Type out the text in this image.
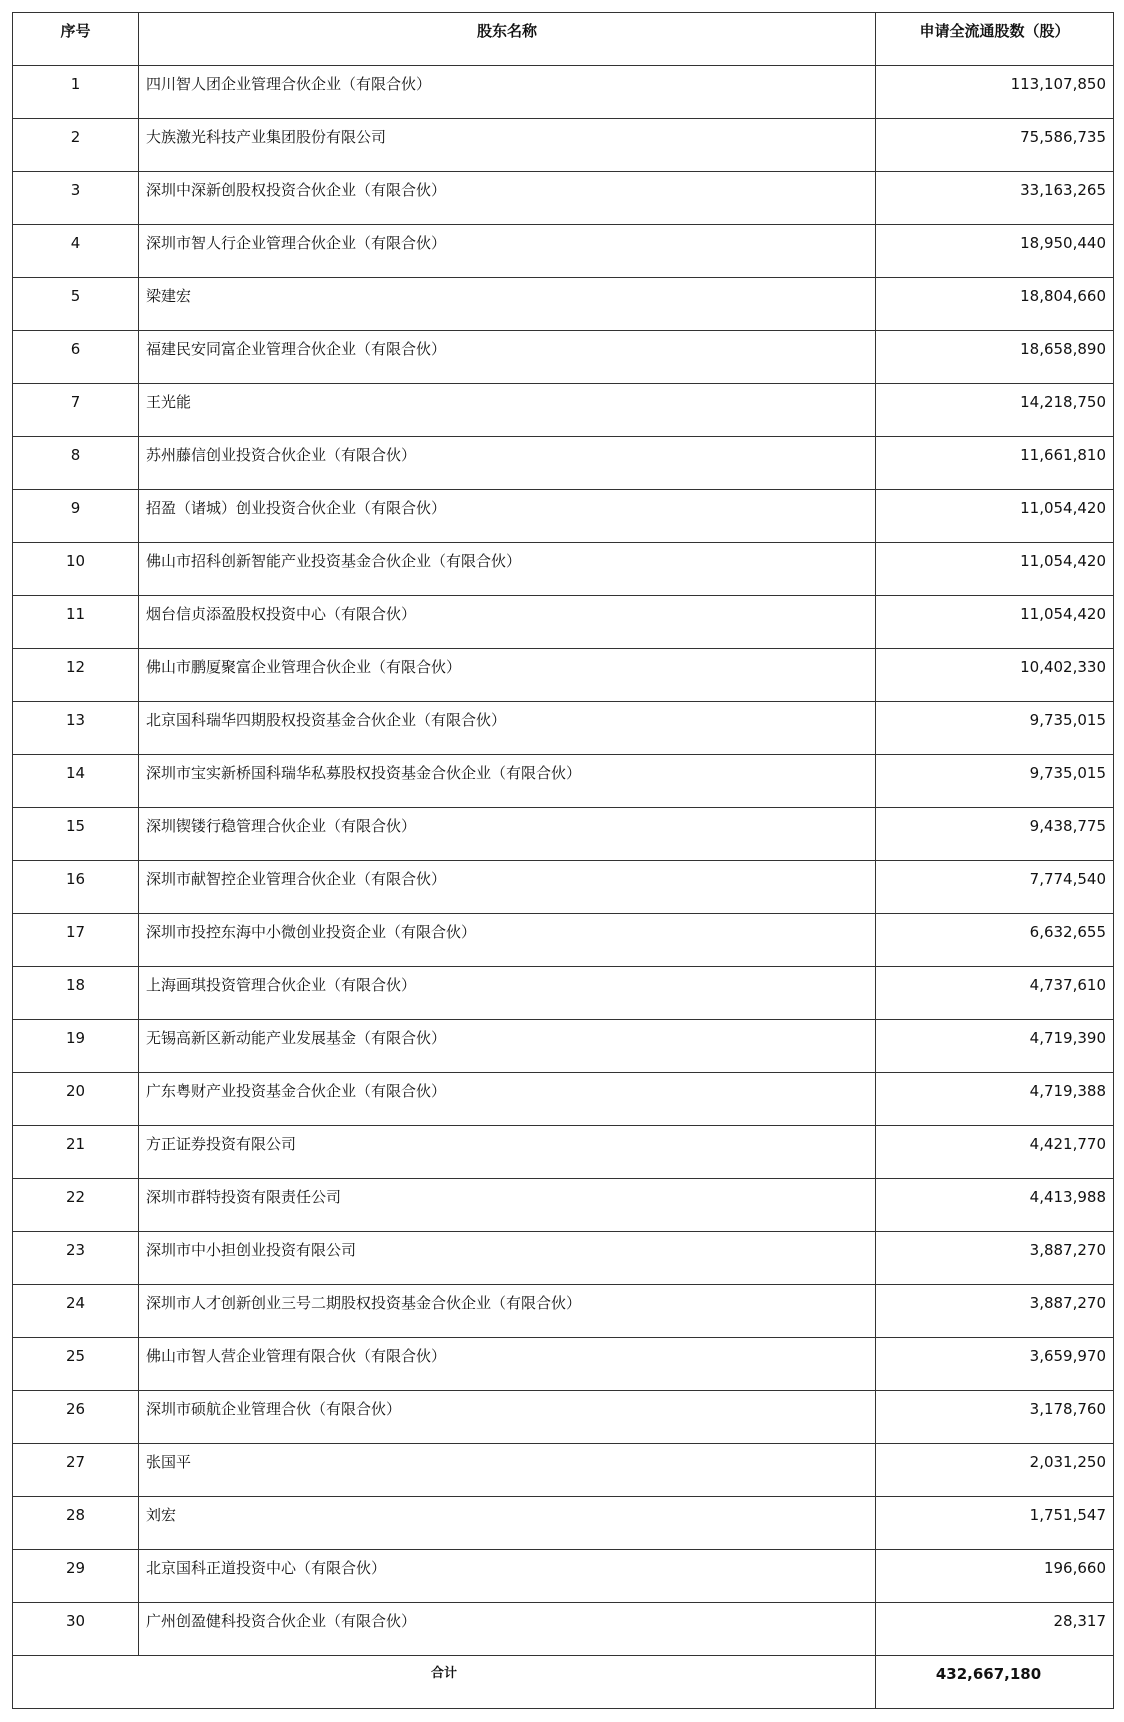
序号	股东名称	申请全流通股数（股）

1	四川智人团企业管理合伙企业（有限合伙）	113,107,850

2	大族激光科技产业集团股份有限公司	75,586,735

3	深圳中深新创股权投资合伙企业（有限合伙）	33,163,265

4	深圳市智人行企业管理合伙企业（有限合伙）	18,950,440

5	梁建宏	18,804,660

6	福建民安同富企业管理合伙企业（有限合伙）	18,658,890

7	王光能	14,218,750

8	苏州藤信创业投资合伙企业（有限合伙）	11,661,810

9	招盈（诸城）创业投资合伙企业（有限合伙）	11,054,420

10	佛山市招科创新智能产业投资基金合伙企业（有限合伙）	11,054,420

11	烟台信贞添盈股权投资中心（有限合伙）	11,054,420

12	佛山市鹏厦聚富企业管理合伙企业（有限合伙）	10,402,330

13	北京国科瑞华四期股权投资基金合伙企业（有限合伙）	9,735,015

14	深圳市宝实新桥国科瑞华私募股权投资基金合伙企业（有限合伙）	9,735,015

15	深圳锲镂行稳管理合伙企业（有限合伙）	9,438,775

16	深圳市献智控企业管理合伙企业（有限合伙）	7,774,540

17	深圳市投控东海中小微创业投资企业（有限合伙）	6,632,655

18	上海画琪投资管理合伙企业（有限合伙）	4,737,610

19	无锡高新区新动能产业发展基金（有限合伙）	4,719,390

20	广东粤财产业投资基金合伙企业（有限合伙）	4,719,388

21	方正证券投资有限公司	4,421,770

22	深圳市群特投资有限责任公司	4,413,988

23	深圳市中小担创业投资有限公司	3,887,270

24	深圳市人才创新创业三号二期股权投资基金合伙企业（有限合伙）	3,887,270

25	佛山市智人营企业管理有限合伙（有限合伙）	3,659,970

26	深圳市硕航企业管理合伙（有限合伙）	3,178,760

27	张国平	2,031,250

28	刘宏	1,751,547

29	北京国科正道投资中心（有限合伙）	196,660

30	广州创盈健科投资合伙企业（有限合伙）	28,317

合计		432,667,180
